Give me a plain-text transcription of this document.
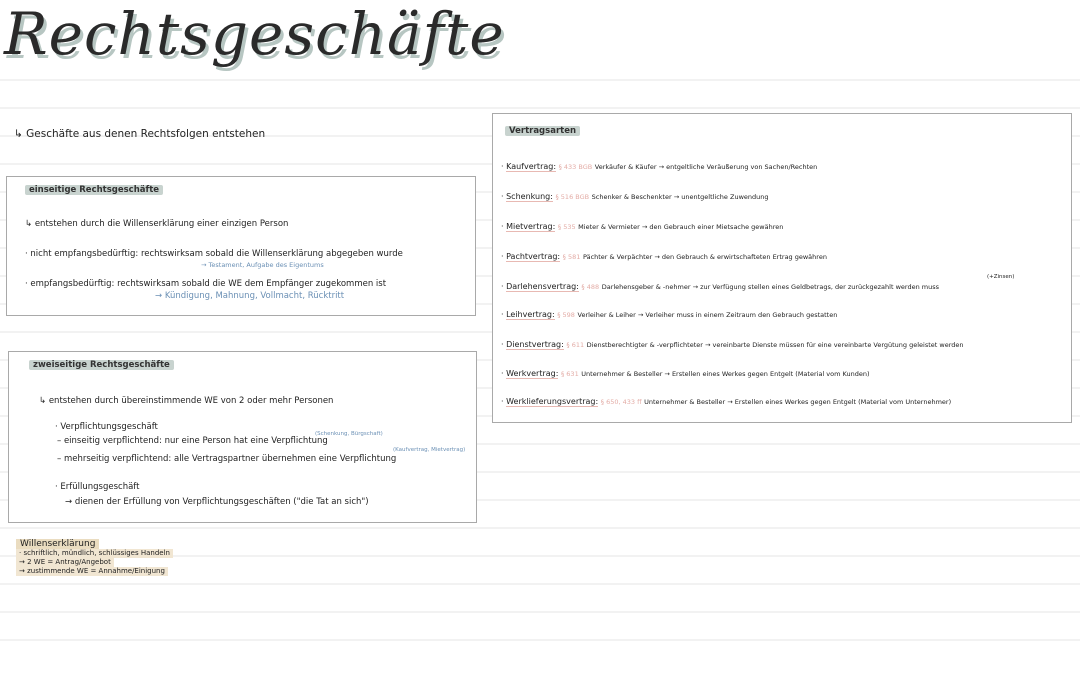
Rechtsgeschäfte
↳ Geschäfte aus denen Rechtsfolgen entstehen
einseitige Rechtsgeschäfte
↳ entstehen durch die Willenserklärung einer einzigen Person
· nicht empfangsbedürftig: rechtswirksam sobald die Willenserklärung abgegeben wurde
→ Testament, Aufgabe des Eigentums
· empfangsbedürftig: rechtswirksam sobald die WE dem Empfänger zugekommen ist
→ Kündigung, Mahnung, Vollmacht, Rücktritt
zweiseitige Rechtsgeschäfte
↳ entstehen durch übereinstimmende WE von 2 oder mehr Personen
· Verpflichtungsgeschäft
– einseitig verpflichtend: nur eine Person hat eine Verpflichtung
(Schenkung, Bürgschaft)
– mehrseitig verpflichtend: alle Vertragspartner übernehmen eine Verpflichtung
(Kaufvertrag, Mietvertrag)
· Erfüllungsgeschäft
→ dienen der Erfüllung von Verpflichtungsgeschäften ("die Tat an sich")
Vertragsarten
· Kaufvertrag: § 433 BGB Verkäufer & Käufer → entgeltliche Veräußerung von Sachen/Rechten
· Schenkung: § 516 BGB Schenker & Beschenkter → unentgeltliche Zuwendung
· Mietvertrag: § 535 Mieter & Vermieter → den Gebrauch einer Mietsache gewähren
· Pachtvertrag: § 581 Pächter & Verpächter → den Gebrauch & erwirtschafteten Ertrag gewähren
(+Zinsen)
· Darlehensvertrag: § 488 Darlehensgeber & -nehmer → zur Verfügung stellen eines Geldbetrags, der zurückgezahlt werden muss
· Leihvertrag: § 598 Verleiher & Leiher → Verleiher muss in einem Zeitraum den Gebrauch gestatten
· Dienstvertrag: § 611 Dienstberechtigter & -verpflichteter → vereinbarte Dienste müssen für eine vereinbarte Vergütung geleistet werden
· Werkvertrag: § 631 Unternehmer & Besteller → Erstellen eines Werkes gegen Entgelt (Material vom Kunden)
· Werklieferungsvertrag: § 650, 433 ff Unternehmer & Besteller → Erstellen eines Werkes gegen Entgelt (Material vom Unternehmer)
Willenserklärung
· schriftlich, mündlich, schlüssiges Handeln
→ 2 WE = Antrag/Angebot
→ zustimmende WE = Annahme/Einigung
